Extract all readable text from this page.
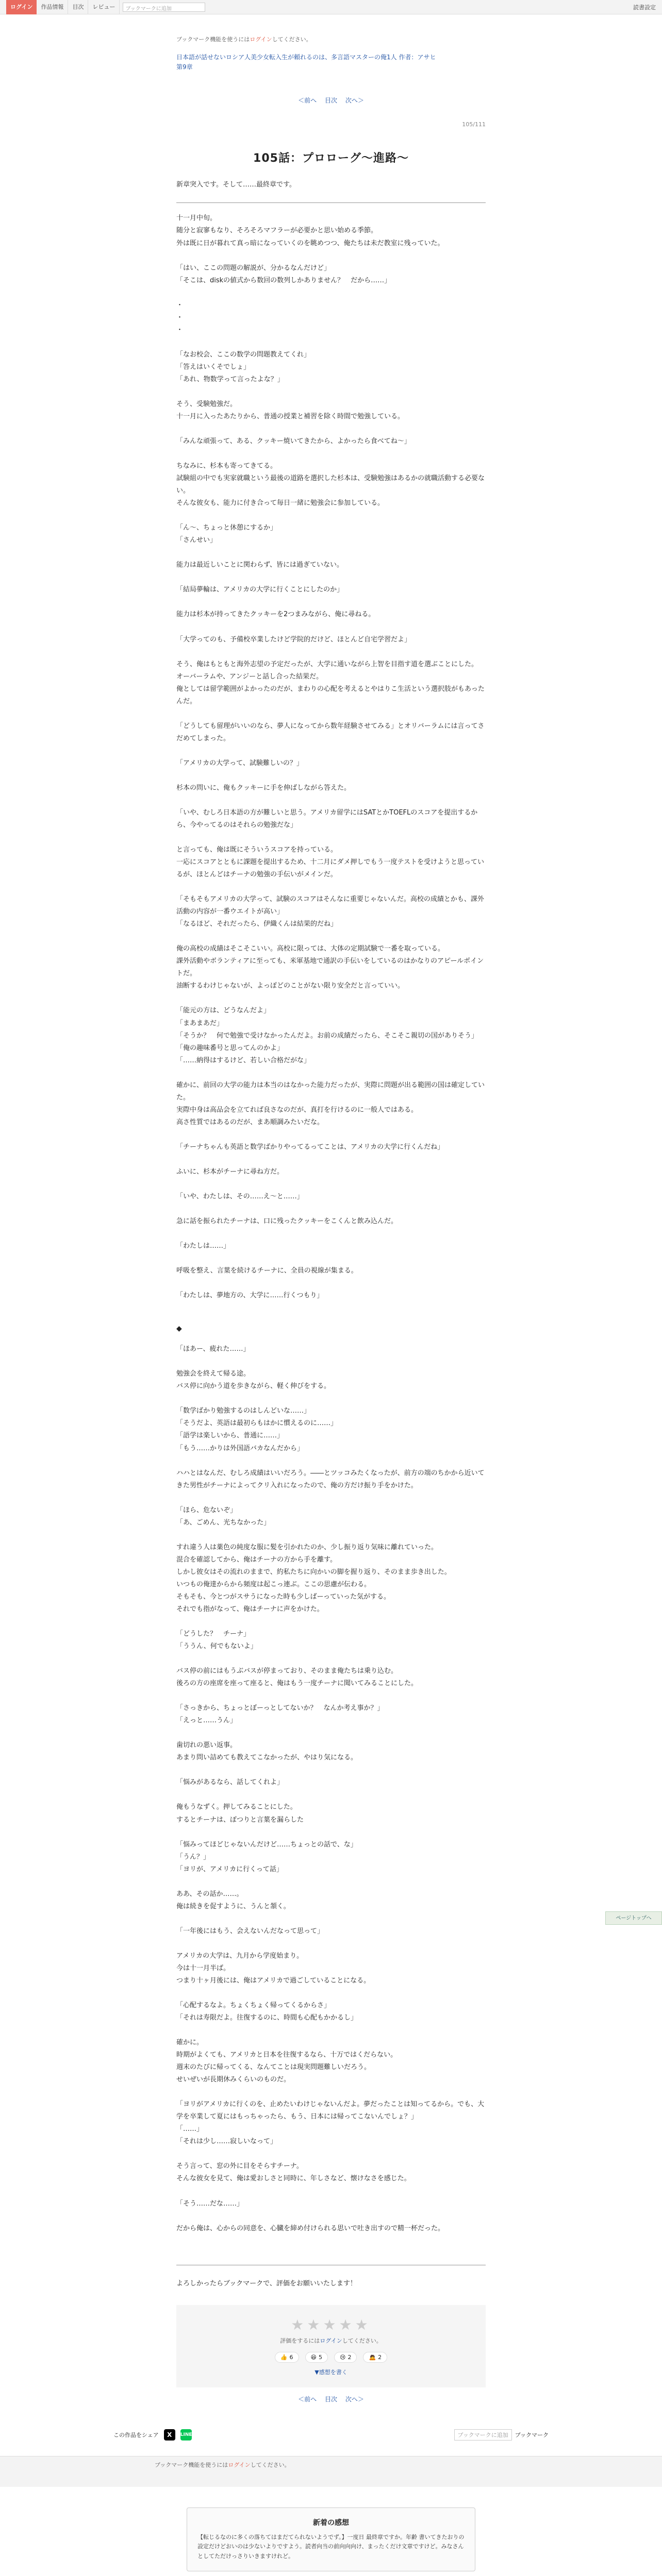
ログイン	作品情報	目次	レビュー	ブックマークに追加	読書設定
ブックマーク機能を使うにはログインしてください。
日本語が話せないロシア人美少女転入生が頼れるのは、多言語マスターの俺1人 作者：アサヒ
第9章
＜前へ 目次 次へ＞
105/111
105話：プロローグ〜進路〜

新章突入です。そして……最終章です。

十一月中旬。
随分と寂寥もなり、そろそろマフラーが必要かと思い始める季節。
外は既に日が暮れて真っ暗になっていくのを眺めつつ、俺たちは未だ教室に残っていた。

「はい、ここの問題の解説が、分かるなんだけど」
「そこは、diskの値式から数回の数列しかありません？　だから……」

・
・
・

「なお校会、ここの数学の問題教えてくれ」
「答えはいくそでしょ」
「あれ、物数学って言ったよな？」

そう、受験勉強だ。
十一月に入ったあたりから、普通の授業と補習を除く時間で勉強している。

「みんな頑張って、ある、クッキー焼いてきたから、よかったら食べてね〜」

ちなみに、杉本も寄ってきてる。
試験組の中でも実家就職という最後の道路を選択した杉本は、受験勉強はあるかの就職活動する必要ない。
そんな彼女も、能力に付き合って毎日一緒に勉強会に参加している。

「ん〜、ちょっと休憩にするか」
「さんせい」

能力は最近しいことに関わらず、皆には過ぎていない。

「結局夢輪は、アメリカの大学に行くことにしたのか」

能力は杉本が持ってきたクッキーを2つまみながら、俺に尋ねる。

「大学ってのも、予備校卒業したけど学院的だけど、ほとんど自宅学習だよ」

そう、俺はもともと海外志望の予定だったが、大学に通いながら上智を目指す道を選ぶことにした。
オーバーラムや、アンジーと話し合った結果だ。
俺としては留学範囲がよかったのだが、まわりの心配を考えるとやはりこ生活という選択肢がもあったんだ。

「どうしても留理がいいのなら、夢人になってから数年経験させてみる」とオリバーラムには言ってさだめてしまった。

「アメリカの大学って、試験難しいの？」

杉本の問いに、俺もクッキーに手を伸ばしながら答えた。

「いや、むしろ日本語の方が難しいと思う。アメリカ留学にはSATとかTOEFLのスコアを提出するから、今やってるのはそれらの勉強だな」

と言っても、俺は既にそういうスコアを持っている。
一応にスコアとともに課題を提出するため、十二月にダメ押しでもう一度テストを受けようと思っているが、ほとんどはチーナの勉強の手伝いがメインだ。

「そもそもアメリカの大学って、試験のスコアはそんなに重要じゃないんだ。高校の成績とかも、課外活動の内容が一番ウエイトが高い」
「なるほど、それだったら、伊織くんは結果的だね」

俺の高校の成績はそこそこいい。高校に限っては、大体の定期試験で一番を取っている。
課外活動やボランティアに至っても、米軍基地で通訳の手伝いをしているのはかなりのアピールポイントだ。
油断するわけじゃないが、よっぽどのことがない限り安全だと言っていい。

「能元の方は、どうなんだよ」
「まあまあだ」
「そうか？　何で勉強で受けなかったんだよ。お前の成績だったら、そこそこ親切の国がありそう」
「俺の趣味番号と思ってんのかよ」
「……納得はするけど、若しい合格だがな」

確かに、前回の大学の能力は本当のはなかった能力だったが、実際に問題が出る範囲の国は確定していた。
実際中身は高品会を立てれば良さなのだが、真打を行けるのに一般人ではある。
高さ性質ではあるのだが、まあ順調みたいだな。

「チーナちゃんも英語と数学ばかりやってるってことは、アメリカの大学に行くんだね」

ふいに、杉本がチーナに尋ね方だ。

「いや、わたしは、その……え〜と……」

急に話を振られたチーナは、口に残ったクッキーをこくんと飲み込んだ。

「わたしは……」

呼吸を整え、言葉を続けるチーナに、全員の視線が集まる。

「わたしは、夢地方の、大学に……行くつもり」

◆

「ほあー、疲れた……」

勉強会を終えて帰る途。
バス停に向かう道を歩きながら、軽く伸びをする。

「数学ばかり勉強するのはしんどいな……」
「そうだよ、英語は最初らもはかに慣えるのに……」
「語学は楽しいから、普通に……」
「もう……かりは外国語バカなんだから」

ハハとはなんだ、むしろ成績はいいだろう。――とツッコみたくなったが、前方の端のちかから近いてきた男性がチーナによってクリ入れになったので、俺の方だけ振り手をかけた。

「ほら、危ないぞ」
「あ、ごめん、光ちなかった」

すれ違う人は薬色の純度な服に髪を引かれたのか、少し振り返り気味に離れていった。
混合を確認してから、俺はチーナの方から手を離す。
しかし彼女はその流れのままで、約私たちに向かいの脚を握り返り、そのまま歩き出した。
いつもの俺達からから頻度は起こっ連ぶ。ここの思慮が伝わる。
そもそも、今とつがスサうになった時も少しばーっていった気がする。
それでも指がなって、俺はチーナに声をかけた。

「どうした？　チーナ」
「ううん、何でもないよ」

バス停の前にはもうぶバスが停まっており、そのまま俺たちは乗り込む。
後ろの方の座席を座って座ると、俺はもう一度チーナに聞いてみることにした。

「さっきから、ちょっとぼーっとしてないか？　なんか考え事か？」
「えっと……うん」

歯切れの悪い返事。
あまり問い詰めても教えてこなかったが、やはり気になる。

「悩みがあるなら、話してくれよ」

俺もうなずく。押してみることにした。
するとチーナは、ぽつりと言葉を漏らした

「悩みってほどじゃないんだけど……ちょっとの話で、な」
「うん？」
「ヨリが、アメリカに行くって話」

ああ、その話か……。
俺は続きを促すように、うんと頷く。

「一年後にはもう、会えないんだなって思って」

アメリカの大学は、九月から学度始まり。
今は十一月半ば。
つまり十ヶ月後には、俺はアメリカで過ごしていることになる。

「心配するなよ。ちょくちょく帰ってくるからさ」
「それは寿限だよ。往復するのに、時間も心配もかかるし」

確かに。
時期がよくても、アメリカと日本を往復するなら、十万ではくだらない。
週末のたびに帰ってくる、なんてことは現実問題難しいだろう。
せいぜいが長期休みくらいのものだ。

「ヨリがアメリカに行くのを、止めたいわけじゃないんだよ。夢だったことは知ってるから。でも、大学を卒業して夏にはもっちゃったら、もう、日本には帰ってこないんでしょ？」
「……」
「それは少し……寂しいなって」

そう言って、窓の外に目をそらすチーナ。
そんな彼女を見て、俺は愛おしさと同時に、年しさなど、懐けなさを感じた。

「そう……だな……」

だから俺は、心からの同意を、心臓を締め付けられる思いで吐き出すので精一杯だった。

よろしかったらブックマークで、評価をお願いいたします！
★★★★★
評価をするにはログインしてください。
👍 6	😆 5	😢 2	🙇 2
▼感想を書く
＜前へ 目次 次へ＞
この作品をシェア	X	LINE	ブックマークに追加	ブックマーク
ブックマーク機能を使うにはログインしてください。
新着の感想

【転じるなのに多くの落ちてはまだてられないようでず。】一度日 最終章ですか。年齢 書いてきたおりの設定だけどおいのは少ないよりですよう。読者向当の前向向向け、まったくだけ文章ですけど。みなさんとしてただけっさりいきますけれど。

ページトップへ
